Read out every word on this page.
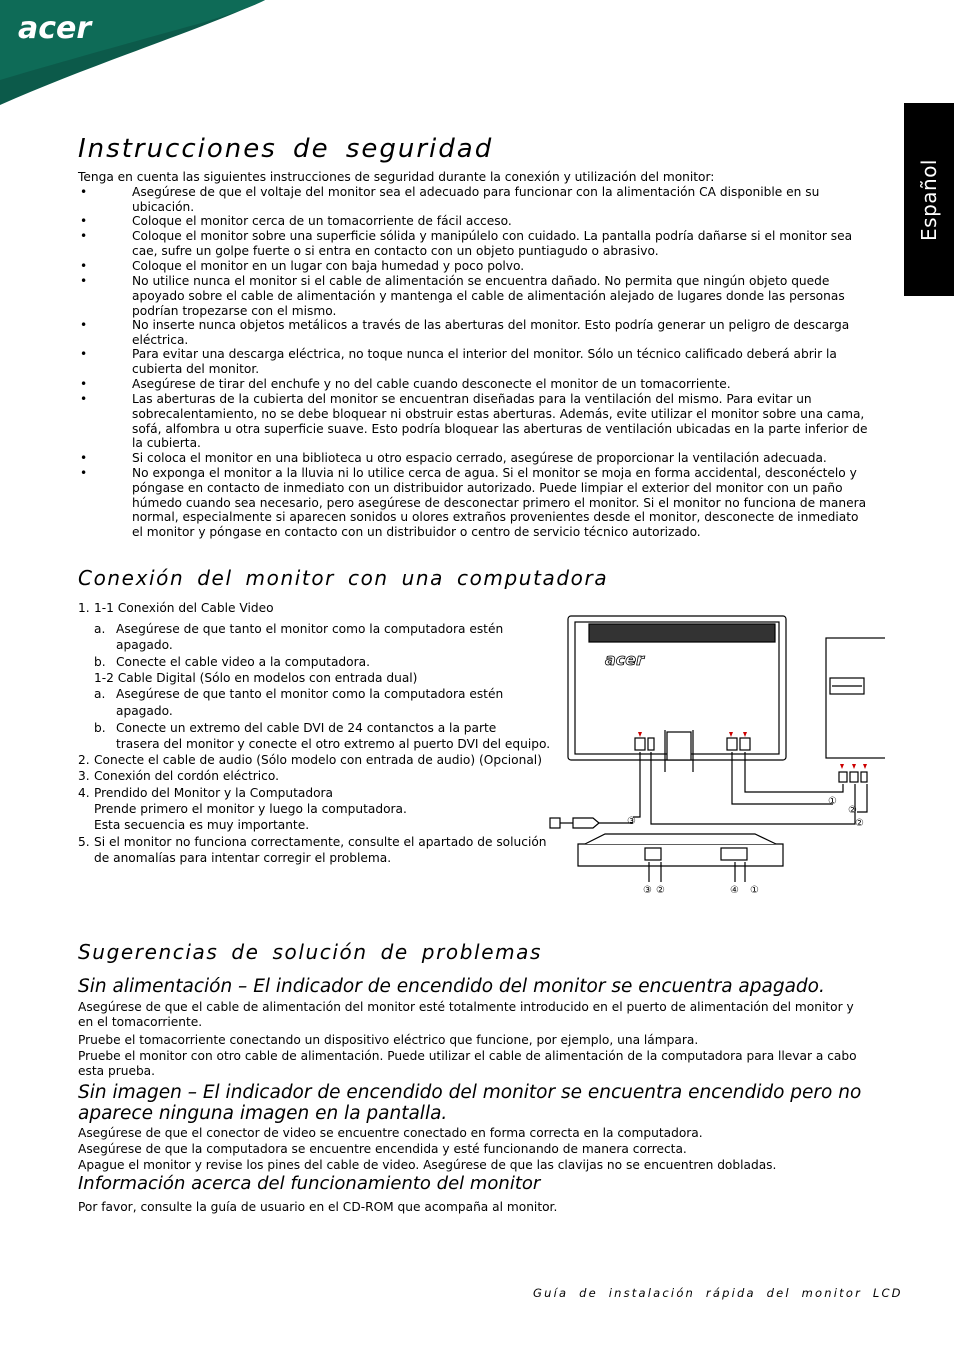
acer
Español
Instrucciones de seguridad
Tenga en cuenta las siguientes instrucciones de seguridad durante la conexión y utilización del monitor:
•	Asegúrese de que el voltaje del monitor sea el adecuado para funcionar con la alimentación CA disponible en su ubicación.
•	Coloque el monitor cerca de un tomacorriente de fácil acceso.
•	Coloque el monitor sobre una superficie sólida y manipúlelo con cuidado. La pantalla podría dañarse si el monitor sea cae, sufre un golpe fuerte o si entra en contacto con un objeto puntiagudo o abrasivo.
•	Coloque el monitor en un lugar con baja humedad y poco polvo.
•	No utilice nunca el monitor si el cable de alimentación se encuentra dañado. No permita que ningún objeto quede apoyado sobre el cable de alimentación y mantenga el cable de alimentación alejado de lugares donde las personas podrían tropezarse con el mismo.
•	No inserte nunca objetos metálicos a través de las aberturas del monitor. Esto podría generar un peligro de descarga eléctrica.
•	Para evitar una descarga eléctrica, no toque nunca el interior del monitor. Sólo un técnico calificado deberá abrir la cubierta del monitor.
•	Asegúrese de tirar del enchufe y no del cable cuando desconecte el monitor de un tomacorriente.
•	Las aberturas de la cubierta del monitor se encuentran diseñadas para la ventilación del mismo. Para evitar un sobrecalentamiento, no se debe bloquear ni obstruir estas aberturas. Además, evite utilizar el monitor sobre una cama, sofá, alfombra u otra superficie suave. Esto podría bloquear las aberturas de ventilación ubicadas en la parte inferior de la cubierta.
•	Si coloca el monitor en una biblioteca u otro espacio cerrado, asegúrese de proporcionar la ventilación adecuada.
•	No exponga el monitor a la lluvia ni lo utilice cerca de agua. Si el monitor se moja en forma accidental, desconéctelo y póngase en contacto de inmediato con un distribuidor autorizado. Puede limpiar el exterior del monitor con un paño húmedo cuando sea necesario, pero asegúrese de desconectar primero el monitor. Si el monitor no funciona de manera normal, especialmente si aparecen sonidos u olores extraños provenientes desde el monitor, desconecte de inmediato el monitor y póngase en contacto con un distribuidor o centro de servicio técnico autorizado.
Conexión del monitor con una computadora
1. 1-1 Conexión del Cable Video
a. Asegúrese de que tanto el monitor como la computadora estén
apagado.
b. Conecte el cable video a la computadora.
1-2 Cable Digital (Sólo en modelos con entrada dual)
a. Asegúrese de que tanto el monitor como la computadora estén
apagado.
b. Conecte un extremo del cable DVI de 24 contanctos a la parte
trasera del monitor y conecte el otro extremo al puerto DVI del equipo.
2. Conecte el cable de audio (Sólo modelo con entrada de audio) (Opcional)
3. Conexión del cordón eléctrico.
4. Prendido del Monitor y la Computadora
Prende primero el monitor y luego la computadora.
Esta secuencia es muy importante.
5. Si el monitor no funciona correctamente, consulte el apartado de solución
de anomalías para intentar corregir el problema.
acer
①
②
②
③
③ ②	④ ①
Sugerencias de solución de problemas
Sin alimentación – El indicador de encendido del monitor se encuentra apagado.
Asegúrese de que el cable de alimentación del monitor esté totalmente introducido en el puerto de alimentación del monitor y en el tomacorriente.
Pruebe el tomacorriente conectando un dispositivo eléctrico que funcione, por ejemplo, una lámpara.
Pruebe el monitor con otro cable de alimentación. Puede utilizar el cable de alimentación de la computadora para llevar a cabo esta prueba.
Sin imagen – El indicador de encendido del monitor se encuentra encendido pero no aparece ninguna imagen en la pantalla.
Asegúrese de que el conector de video se encuentre conectado en forma correcta en la computadora.
Asegúrese de que la computadora se encuentre encendida y esté funcionando de manera correcta.
Apague el monitor y revise los pines del cable de video. Asegúrese de que las clavijas no se encuentren dobladas.
Información acerca del funcionamiento del monitor
Por favor, consulte la guía de usuario en el CD-ROM que acompaña al monitor.
Guía de instalación rápida del monitor LCD
